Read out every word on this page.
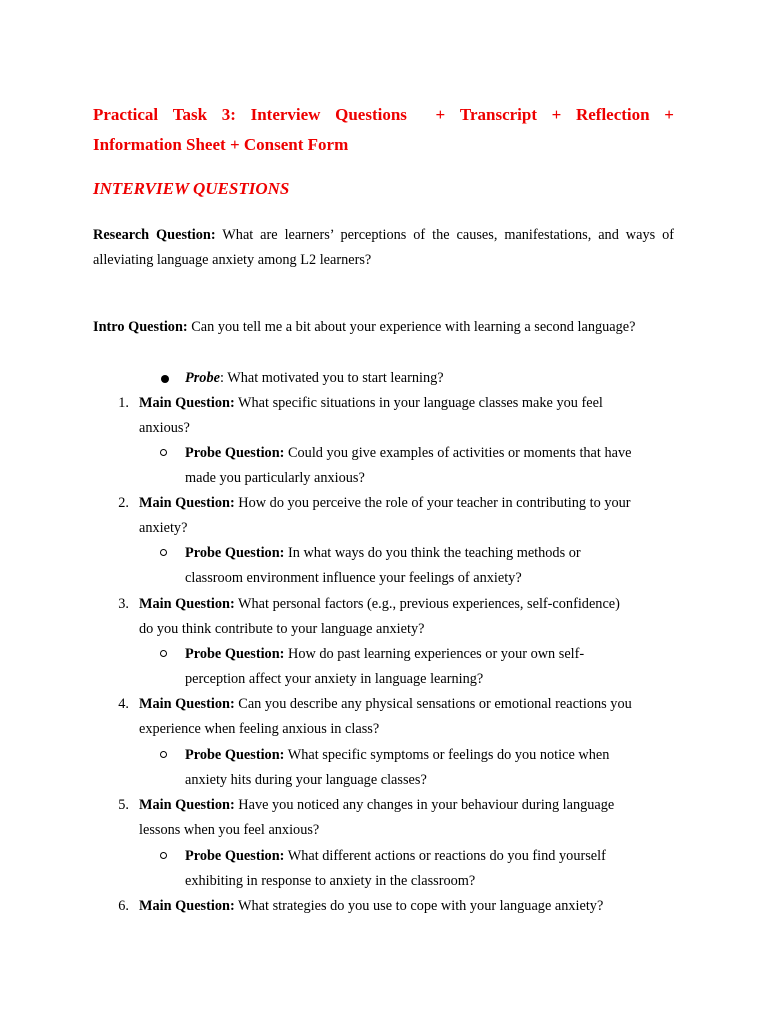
Practical Task 3: Interview Questions + Transcript + Reflection +
Information Sheet + Consent Form
INTERVIEW QUESTIONS
Research Question: What are learners’ perceptions of the causes, manifestations, and ways of alleviating language anxiety among L2 learners?
Intro Question: Can you tell me a bit about your experience with learning a second language?
Probe: What motivated you to start learning?
1. Main Question: What specific situations in your language classes make you feel
anxious?
Probe Question: Could you give examples of activities or moments that have
made you particularly anxious?
2. Main Question: How do you perceive the role of your teacher in contributing to your
anxiety?
Probe Question: In what ways do you think the teaching methods or
classroom environment influence your feelings of anxiety?
3. Main Question: What personal factors (e.g., previous experiences, self-confidence)
do you think contribute to your language anxiety?
Probe Question: How do past learning experiences or your own self-
perception affect your anxiety in language learning?
4. Main Question: Can you describe any physical sensations or emotional reactions you
experience when feeling anxious in class?
Probe Question: What specific symptoms or feelings do you notice when
anxiety hits during your language classes?
5. Main Question: Have you noticed any changes in your behaviour during language
lessons when you feel anxious?
Probe Question: What different actions or reactions do you find yourself
exhibiting in response to anxiety in the classroom?
6. Main Question: What strategies do you use to cope with your language anxiety?
